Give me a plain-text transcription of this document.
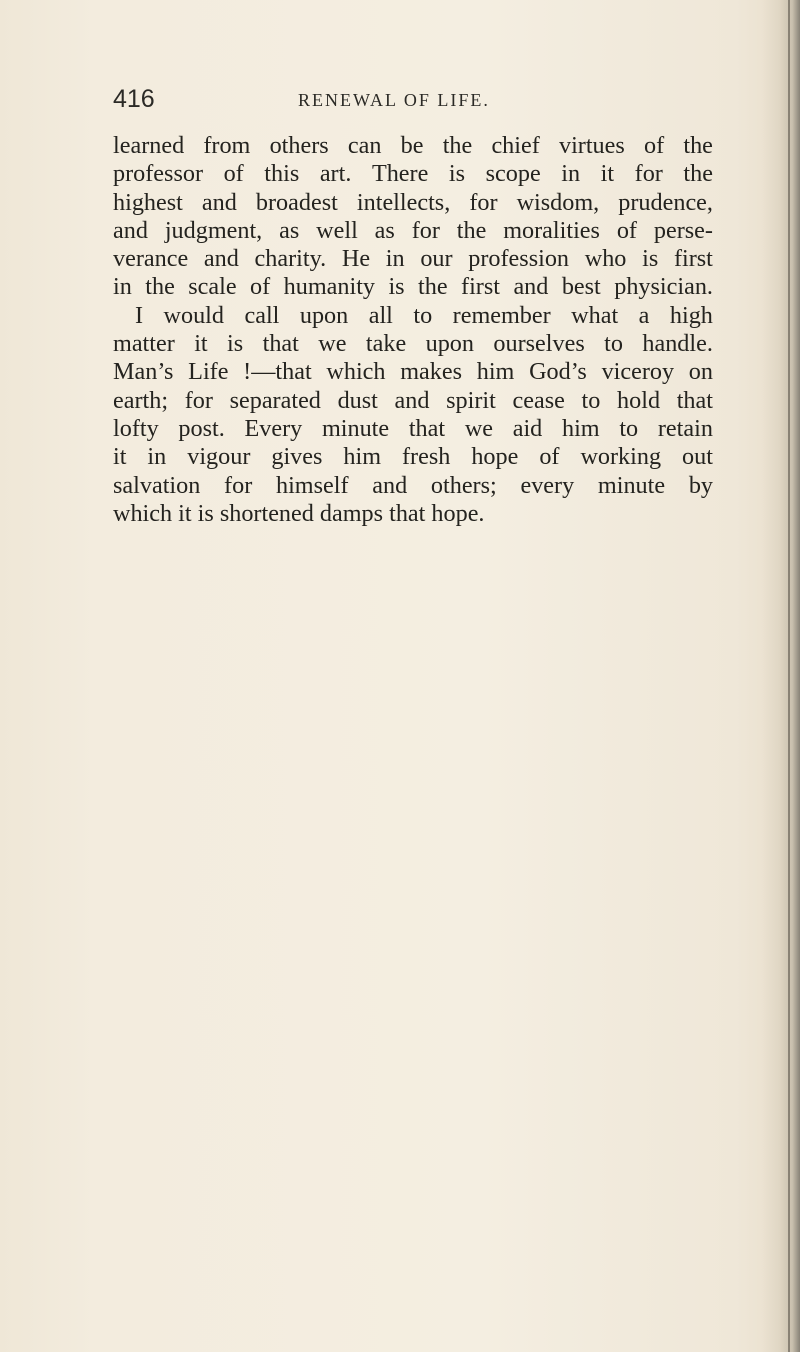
416	RENEWAL OF LIFE.
learned from others can be the chief virtues of the
professor of this art. There is scope in it for the
highest and broadest intellects, for wisdom, prudence,
and judgment, as well as for the moralities of perse-
verance and charity. He in our profession who is first
in the scale of humanity is the first and best physician.
I would call upon all to remember what a high
matter it is that we take upon ourselves to handle.
Man’s Life !—that which makes him God’s viceroy on
earth; for separated dust and spirit cease to hold that
lofty post. Every minute that we aid him to retain
it in vigour gives him fresh hope of working out
salvation for himself and others; every minute by
which it is shortened damps that hope.
